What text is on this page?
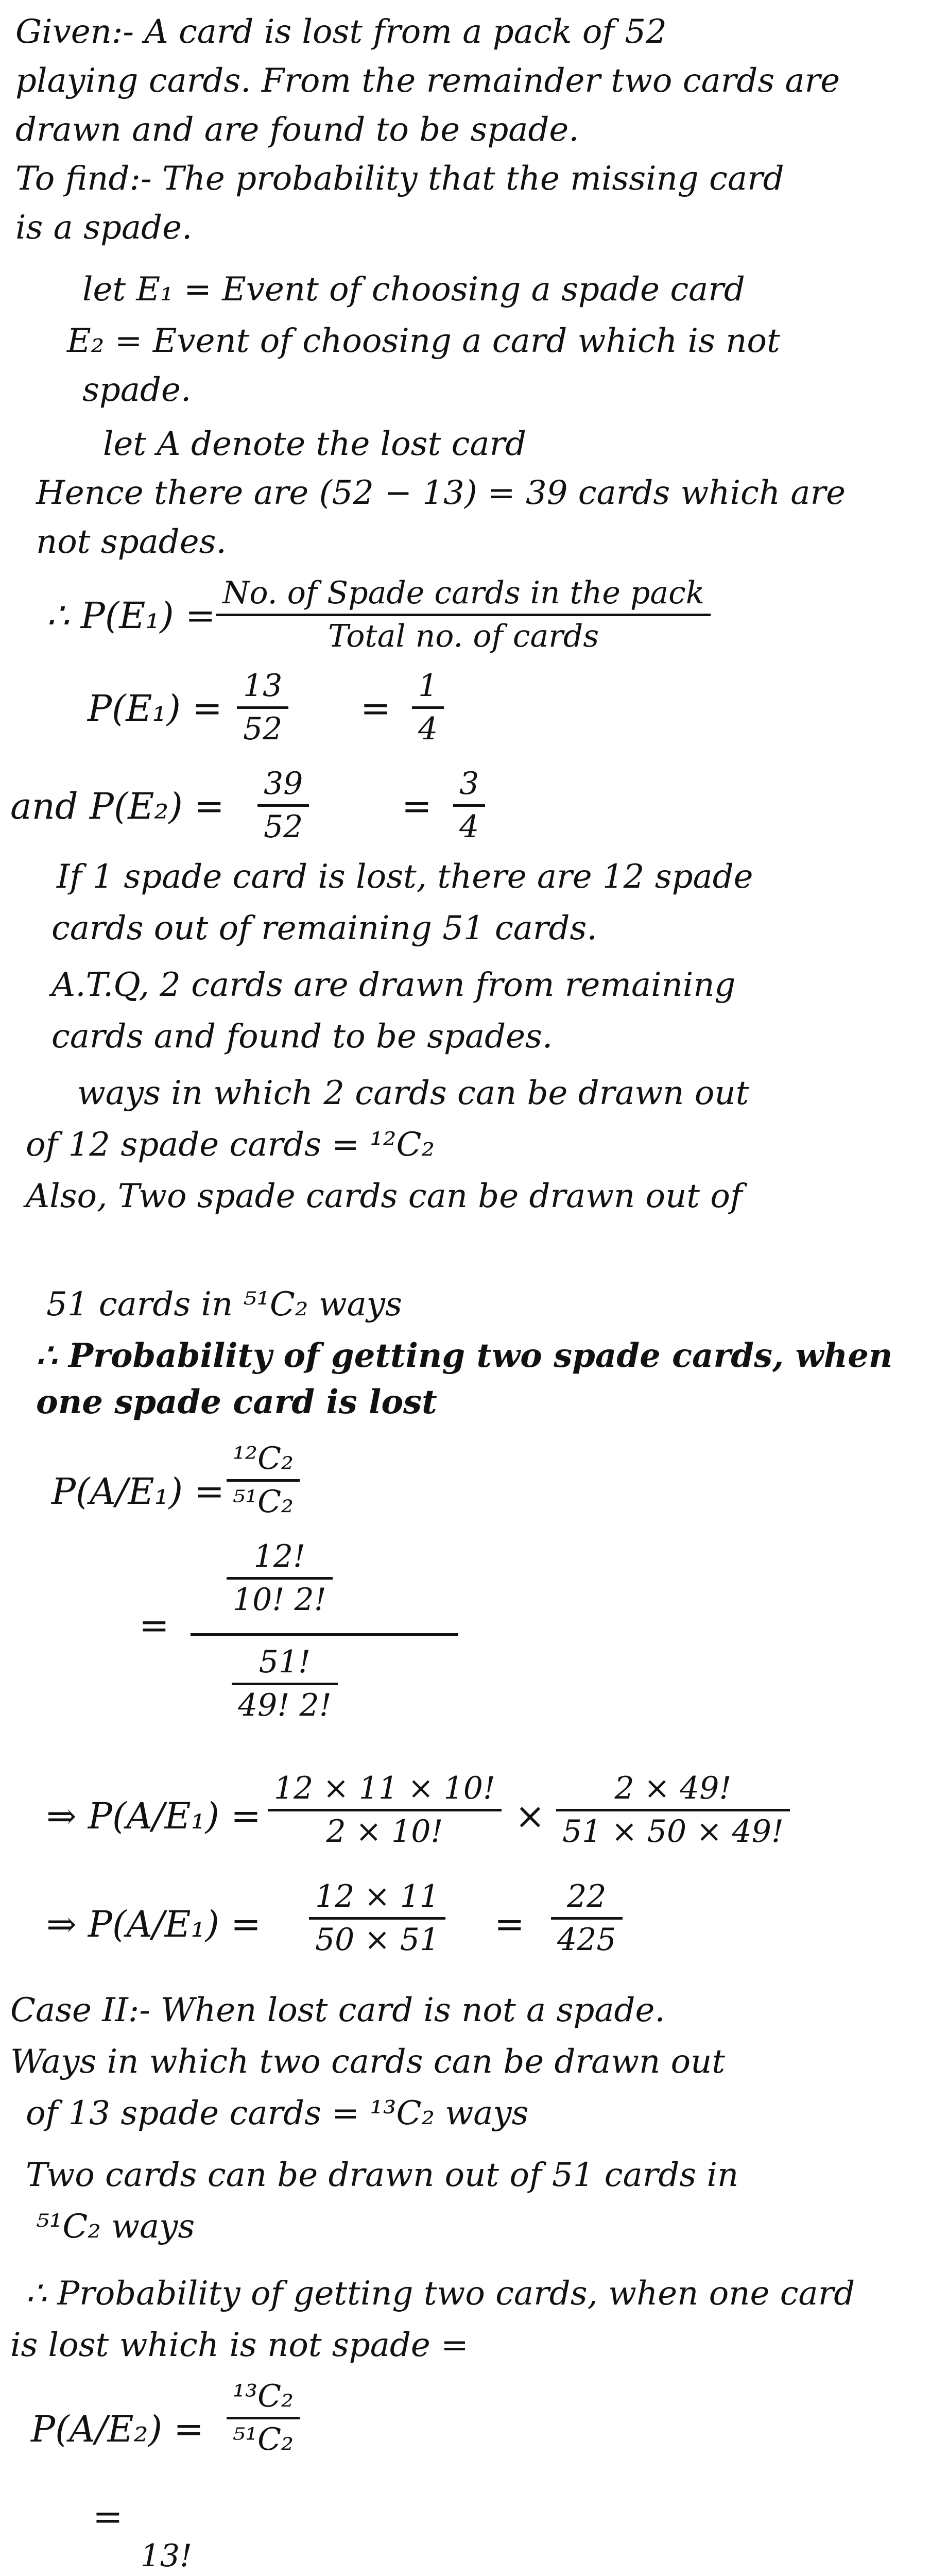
Given:- A card is lost from a pack of 52
playing cards. From the remainder two cards are
drawn and are found to be spade.
To find:- The probability that the missing card
is a spade.
let E₁ = Event of choosing a spade card
E₂ = Event of choosing a card which is not
spade.
let A denote the lost card
Hence there are (52 − 13) = 39 cards which are
not spades.
∴ P(E₁) =
No. of Spade cards in the pack
Total no. of cards
P(E₁) =
13
52 =
1
4
and P(E₂) =
39
52	=
3
4
If 1 spade card is lost, there are 12 spade
cards out of remaining 51 cards.
A.T.Q, 2 cards are drawn from remaining
cards and found to be spades.
ways in which 2 cards can be drawn out
of 12 spade cards = ¹²C₂
Also, Two spade cards can be drawn out of
51 cards in ⁵¹C₂ ways
∴ Probability of getting two spade cards, when
one spade card is lost
P(A/E₁) =
¹²C₂
⁵¹C₂
=
12!
10! 2!
51!
49! 2!
⇒ P(A/E₁) =
12 × 11 × 10!
2 × 10! ×
2 × 49!
51 × 50 × 49!
⇒ P(A/E₁) =
12 × 11
50 × 51 =
22
425
Case II:- When lost card is not a spade.
Ways in which two cards can be drawn out
of 13 spade cards = ¹³C₂ ways
Two cards can be drawn out of 51 cards in
⁵¹C₂ ways
∴ Probability of getting two cards, when one card
is lost which is not spade =
P(A/E₂) =
¹³C₂
⁵¹C₂
=
13!
